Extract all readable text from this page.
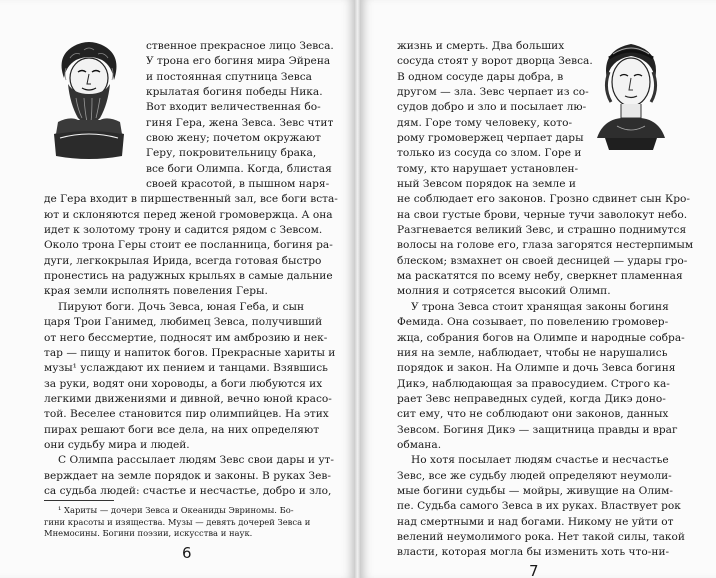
ственное прекрасное лицо Зевса.
У трона его богиня мира Эйрена
и постоянная спутница Зевса
крылатая богиня победы Ника.
Вот входит величественная бо-
гиня Гера, жена Зевса. Зевс чтит
свою жену; почетом окружают
Геру, покровительницу брака,
все боги Олимпа. Когда, блистая
своей красотой, в пышном наря-
де Гера входит в пиршественный зал, все боги вста-
ют и склоняются перед женой громовержца. А она
идет к золотому трону и садится рядом с Зевсом.
Около трона Геры стоит ее посланница, богиня ра-
дуги, легкокрылая Ирида, всегда готовая быстро
пронестись на радужных крыльях в самые дальние
края земли исполнять повеления Геры.
Пируют боги. Дочь Зевса, юная Геба, и сын
царя Трои Ганимед, любимец Зевса, получивший
от него бессмертие, подносят им амброзию и нек-
тар — пищу и напиток богов. Прекрасные хариты и
музы¹ услаждают их пением и танцами. Взявшись
за руки, водят они хороводы, а боги любуются их
легкими движениями и дивной, вечно юной красо-
той. Веселее становится пир олимпийцев. На этих
пирах решают боги все дела, на них определяют
они судьбу мира и людей.
С Олимпа рассылает людям Зевс свои дары и ут-
верждает на земле порядок и законы. В руках Зев-
са судьба людей: счастье и несчастье, добро и зло,
¹ Хариты — дочери Зевса и Океаниды Эвриномы. Бо-
гини красоты и изящества. Музы — девять дочерей Зевса и
Мнемосины. Богини поэзии, искусства и наук.
6
жизнь и смерть. Два больших
сосуда стоят у ворот дворца Зевса.
В одном сосуде дары добра, в
другом — зла. Зевс черпает из со-
судов добро и зло и посылает лю-
дям. Горе тому человеку, кото-
рому громовержец черпает дары
только из сосуда со злом. Горе и
тому, кто нарушает установлен-
ный Зевсом порядок на земле и
не соблюдает его законов. Грозно сдвинет сын Кро-
на свои густые брови, черные тучи заволокут небо.
Разгневается великий Зевс, и страшно поднимутся
волосы на голове его, глаза загорятся нестерпимым
блеском; взмахнет он своей десницей — удары гро-
ма раскатятся по всему небу, сверкнет пламенная
молния и сотрясется высокий Олимп.
У трона Зевса стоит хранящая законы богиня
Фемида. Она созывает, по повелению громовер-
жца, собрания богов на Олимпе и народные собра-
ния на земле, наблюдает, чтобы не нарушались
порядок и закон. На Олимпе и дочь Зевса богиня
Дикэ, наблюдающая за правосудием. Строго ка-
рает Зевс неправедных судей, когда Дикэ доно-
сит ему, что не соблюдают они законов, данных
Зевсом. Богиня Дикэ — защитница правды и враг
обмана.
Но хотя посылает людям счастье и несчастье
Зевс, все же судьбу людей определяют неумоли-
мые богини судьбы — мойры, живущие на Олим-
пе. Судьба самого Зевса в их руках. Властвует рок
над смертными и над богами. Никому не уйти от
велений неумолимого рока. Нет такой силы, такой
власти, которая могла бы изменить хоть что-ни-
7
